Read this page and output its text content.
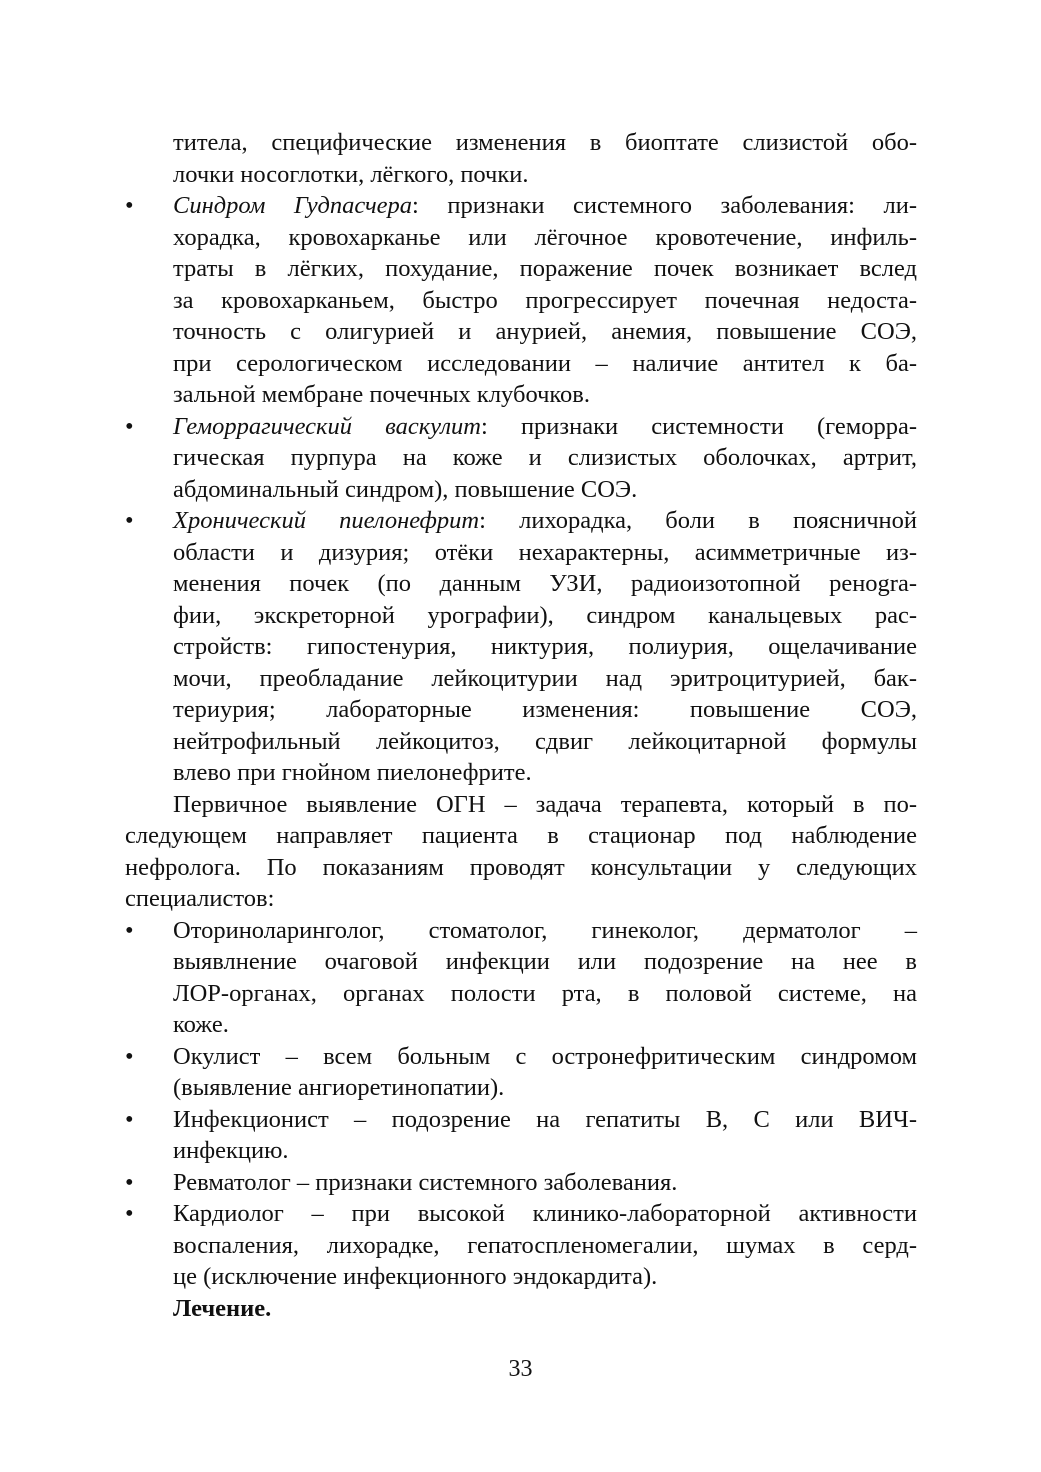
тителa, специфические изменения в биоптате слизистой обо-
лочки носоглотки, лёгкого, почки.
•	Синдром Гудпасчера: признаки системного заболевания: ли-
хорадка, кровохарканье или лёгочное кровотечение, инфиль-
траты в лёгких, похудание, поражение почек возникает вслед
за кровохарканьем, быстро прогрессирует почечная недоста-
точность с олигурией и анурией, анемия, повышение СОЭ,
при серологическом исследовании – наличие антител к ба-
зальной мембране почечных клубочков.
•	Геморрагический васкулит: признаки системности (геморра-
гическая пурпура на коже и слизистых оболочках, артрит,
абдоминальный синдром), повышение СОЭ.
•	Хронический пиелонефрит: лихорадка, боли в поясничной
области и дизурия; отёки нехарактерны, асимметричные из-
менения почек (по данным УЗИ, радиоизотопной ренogra-
фии, экскреторной урографии), синдром канальцевых рас-
стройств: гипостенурия, никтурия, полиурия, ощелачивание
мочи, преобладание лейкоцитурии над эритроцитурией, бак-
териурия; лабораторные изменения: повышение СОЭ,
нейтрофильный лейкоцитоз, сдвиг лейкоцитарной формулы
влево при гнойном пиелонефрите.
Первичное выявление ОГН – задача терапевта, который в по-
следующем направляет пациента в стационар под наблюдение
нефролога. По показаниям проводят консультации у следующих
специалистов:
•	Оториноларинголог, стоматолог, гинеколог, дерматолог –
выявлнение очаговой инфекции или подозрение на нее в
ЛОР-органах, органах полости рта, в половой системе, на
коже.
•	Окулист – всем больным с остронефритическим синдромом
(выявление ангиоретинопатии).
•	Инфекционист – подозрение на гепатиты В, С или ВИЧ-
инфекцию.
•	Ревматолог – признаки системного заболевания.
•	Кардиолог – при высокой клинико-лабораторной активности
воспаления, лихорадке, гепатоспленомегалии, шумах в серд-
це (исключение инфекционного эндокардита).
Лечение.
33
